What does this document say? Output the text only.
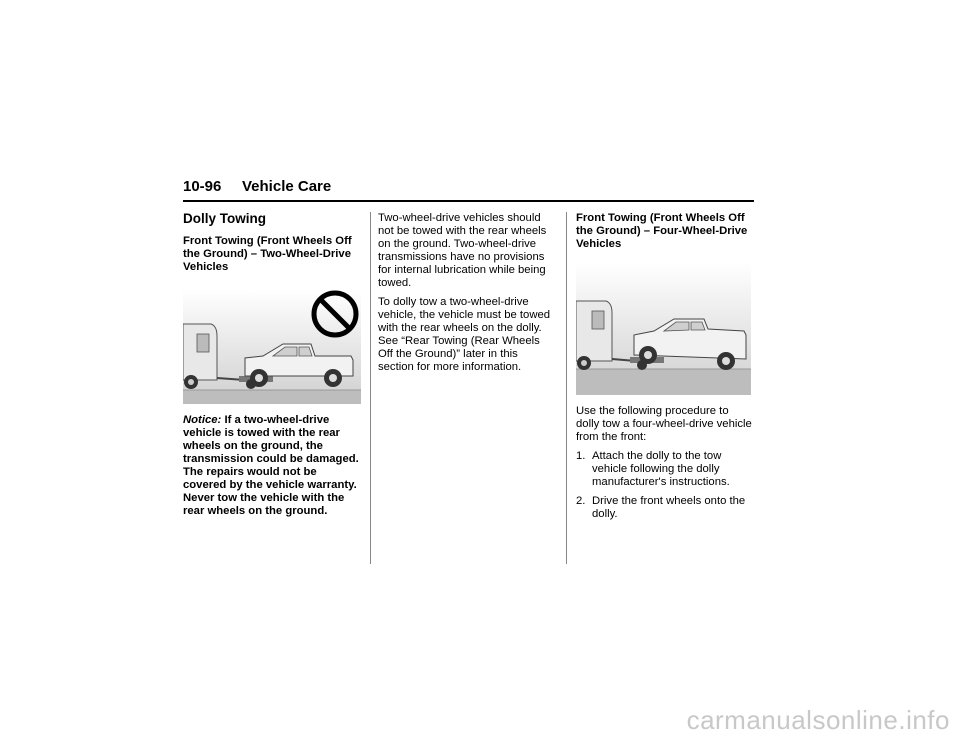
10-96 Vehicle Care
Dolly Towing
Front Towing (Front Wheels Off the Ground) – Two-Wheel-Drive Vehicles
Notice: If a two-wheel-drive vehicle is towed with the rear wheels on the ground, the transmission could be damaged. The repairs would not be covered by the vehicle warranty. Never tow the vehicle with the rear wheels on the ground.

Two-wheel-drive vehicles should not be towed with the rear wheels on the ground. Two-wheel-drive transmissions have no provisions for internal lubrication while being towed.

To dolly tow a two-wheel-drive vehicle, the vehicle must be towed with the rear wheels on the dolly. See “Rear Towing (Rear Wheels Off the Ground)” later in this section for more information.

Front Towing (Front Wheels Off the Ground) – Four-Wheel-Drive Vehicles

Use the following procedure to dolly tow a four-wheel-drive vehicle from the front:

1. Attach the dolly to the tow vehicle following the dolly manufacturer's instructions.
2. Drive the front wheels onto the dolly.
carmanualsonline.info
